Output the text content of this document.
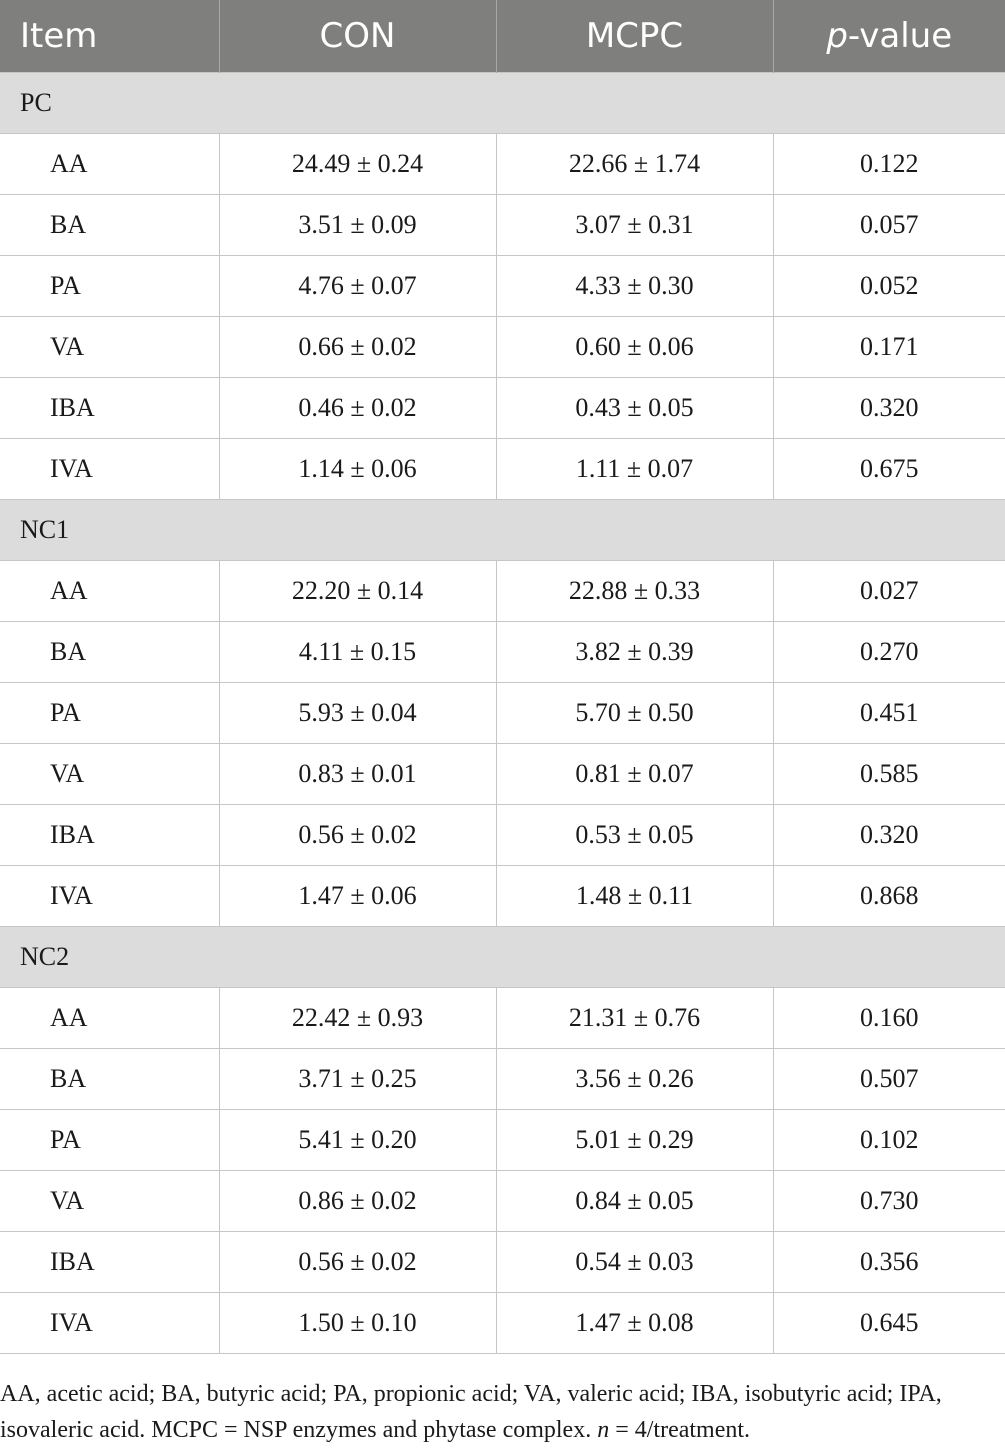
Item	CON	MCPC	p-value
PC			
AA	24.49 ± 0.24	22.66 ± 1.74	0.122
BA	3.51 ± 0.09	3.07 ± 0.31	0.057
PA	4.76 ± 0.07	4.33 ± 0.30	0.052
VA	0.66 ± 0.02	0.60 ± 0.06	0.171
IBA	0.46 ± 0.02	0.43 ± 0.05	0.320
IVA	1.14 ± 0.06	1.11 ± 0.07	0.675
NC1			
AA	22.20 ± 0.14	22.88 ± 0.33	0.027
BA	4.11 ± 0.15	3.82 ± 0.39	0.270
PA	5.93 ± 0.04	5.70 ± 0.50	0.451
VA	0.83 ± 0.01	0.81 ± 0.07	0.585
IBA	0.56 ± 0.02	0.53 ± 0.05	0.320
IVA	1.47 ± 0.06	1.48 ± 0.11	0.868
NC2			
AA	22.42 ± 0.93	21.31 ± 0.76	0.160
BA	3.71 ± 0.25	3.56 ± 0.26	0.507
PA	5.41 ± 0.20	5.01 ± 0.29	0.102
VA	0.86 ± 0.02	0.84 ± 0.05	0.730
IBA	0.56 ± 0.02	0.54 ± 0.03	0.356
IVA	1.50 ± 0.10	1.47 ± 0.08	0.645
AA, acetic acid; BA, butyric acid; PA, propionic acid; VA, valeric acid; IBA, isobutyric acid; IPA, isovaleric acid. MCPC = NSP enzymes and phytase complex. n = 4/treatment.
